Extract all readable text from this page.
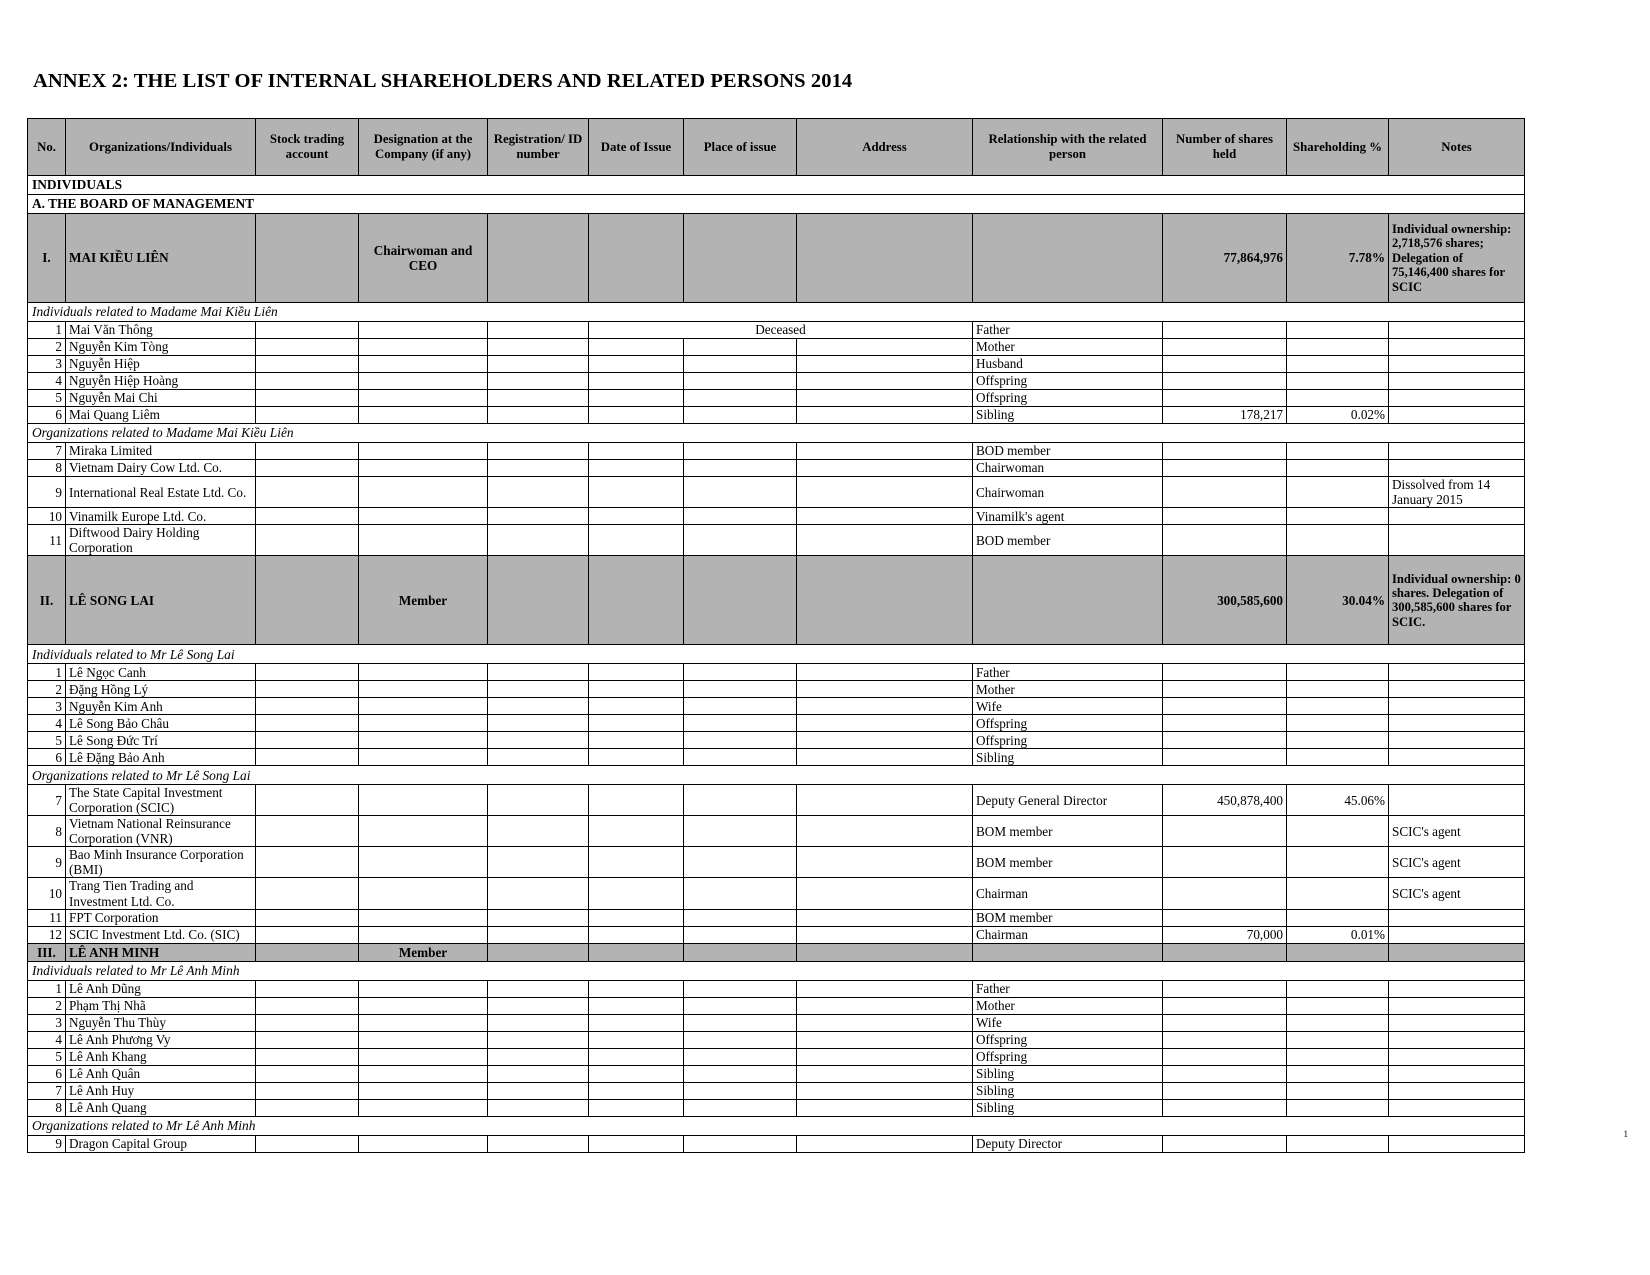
ANNEX 2: THE LIST OF INTERNAL SHAREHOLDERS AND RELATED PERSONS 2014
No.	Organizations/Individuals	Stock trading account	Designation at the Company (if any)	Registration/ ID number	Date of Issue	Place of issue	Address	Relationship with the related person	Number of shares held	Shareholding %	Notes
INDIVIDUALS											
A. THE BOARD OF MANAGEMENT											
I.	MAI KIỀU LIÊN		Chairwoman and CEO						77,864,976	7.78%	Individual ownership: 2,718,576 shares; Delegation of 75,146,400 shares for SCIC
Individuals related to Madame Mai Kiều Liên											
1	Mai Văn Thông				Deceased			Father			
2	Nguyễn Kim Tòng							Mother			
3	Nguyễn Hiệp							Husband			
4	Nguyễn Hiệp Hoàng							Offspring			
5	Nguyễn Mai Chi							Offspring			
6	Mai Quang Liêm							Sibling	178,217	0.02%	
Organizations related to Madame Mai Kiều Liên											
7	Miraka Limited							BOD member			
8	Vietnam Dairy Cow Ltd. Co.							Chairwoman			
9	International Real Estate Ltd. Co.							Chairwoman			Dissolved from 14 January 2015
10	Vinamilk Europe Ltd. Co.							Vinamilk's agent			
11	Diftwood Dairy Holding Corporation							BOD member			
II.	LÊ SONG LAI		Member						300,585,600	30.04%	Individual ownership: 0 shares. Delegation of 300,585,600 shares for SCIC.
Individuals related to Mr Lê Song Lai											
1	Lê Ngọc Canh							Father			
2	Đặng Hồng Lý							Mother			
3	Nguyễn Kim Anh							Wife			
4	Lê Song Bảo Châu							Offspring			
5	Lê Song Đức Trí							Offspring			
6	Lê Đặng Bảo Anh							Sibling			
Organizations related to Mr Lê Song Lai											
7	The State Capital Investment Corporation (SCIC)							Deputy General Director	450,878,400	45.06%	
8	Vietnam National Reinsurance Corporation (VNR)							BOM member			SCIC's agent
9	Bao Minh Insurance Corporation (BMI)							BOM member			SCIC's agent
10	Trang Tien Trading and Investment Ltd. Co.							Chairman			SCIC's agent
11	FPT Corporation							BOM member			
12	SCIC Investment Ltd. Co. (SIC)							Chairman	70,000	0.01%	
III.	LÊ ANH MINH		Member								
Individuals related to Mr Lê Anh Minh											
1	Lê Anh Dũng							Father			
2	Phạm Thị Nhã							Mother			
3	Nguyễn Thu Thùy							Wife			
4	Lê Anh Phương Vy							Offspring			
5	Lê Anh Khang							Offspring			
6	Lê Anh Quân							Sibling			
7	Lê Anh Huy							Sibling			
8	Lê Anh Quang							Sibling			
Organizations related to Mr Lê Anh Minh											
9	Dragon Capital Group							Deputy Director			
1
